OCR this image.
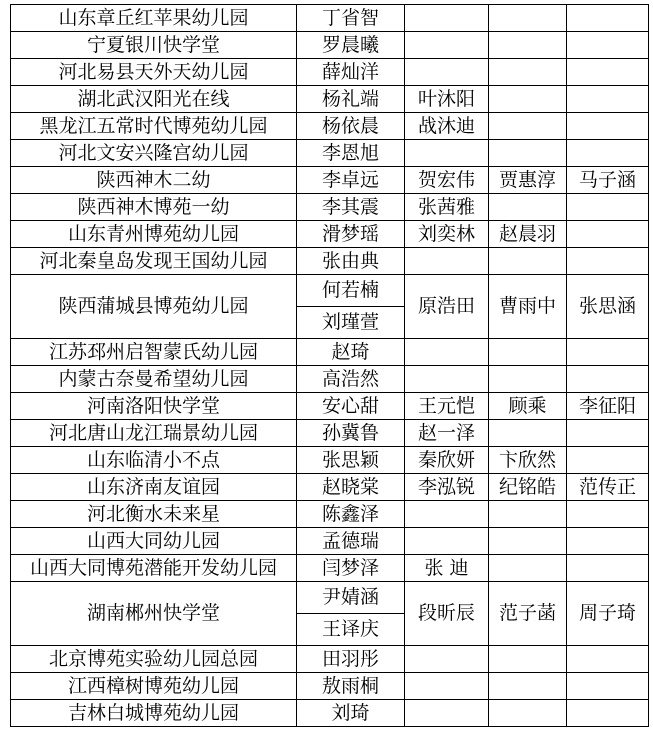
山东章丘红苹果幼儿园	丁省智			
宁夏银川快学堂	罗晨曦			
河北易县天外天幼儿园	薛灿洋			
湖北武汉阳光在线	杨礼端	叶沐阳		
黑龙江五常时代博苑幼儿园	杨依晨	战沐迪		
河北文安兴隆宫幼儿园	李恩旭			
陕西神木二幼	李卓远	贺宏伟	贾惠淳	马子涵
陕西神木博苑一幼	李其震	张茜雅		
山东青州博苑幼儿园	滑梦瑶	刘奕林	赵晨羽	
河北秦皇岛发现王国幼儿园	张由典			
陕西蒲城县博苑幼儿园	何若楠	原浩田	曹雨中	张思涵
	刘瑾萱			
江苏邳州启智蒙氏幼儿园	赵琦			
内蒙古奈曼希望幼儿园	高浩然			
河南洛阳快学堂	安心甜	王元恺	顾乘	李征阳
河北唐山龙江瑞景幼儿园	孙冀鲁	赵一泽		
山东临清小不点	张思颖	秦欣妍	卞欣然	
山东济南友谊园	赵晓棠	李泓锐	纪铭皓	范传正
河北衡水未来星	陈鑫泽			
山西大同幼儿园	孟德瑞			
山西大同博苑潜能开发幼儿园	闫梦泽	张 迪		
湖南郴州快学堂	尹婧涵	段昕辰	范子菡	周子琦
	王译庆			
北京博苑实验幼儿园总园	田羽彤			
江西樟树博苑幼儿园	敖雨桐			
吉林白城博苑幼儿园	刘琦			
